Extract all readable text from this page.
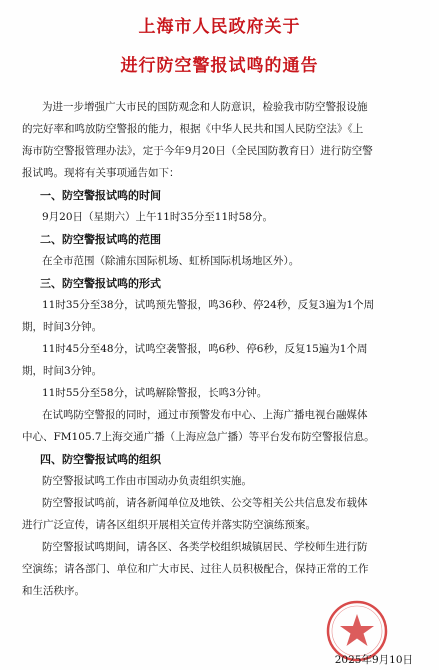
上海市人民政府关于
进行防空警报试鸣的通告
为进一步增强广大市民的国防观念和人防意识，检验我市防空警报设施
的完好率和鸣放防空警报的能力，根据《中华人民共和国人民防空法》《上
海市防空警报管理办法》，定于今年9月20日（全民国防教育日）进行防空警
报试鸣。现将有关事项通告如下：
一、防空警报试鸣的时间
9月20日（星期六）上午11时35分至11时58分。
二、防空警报试鸣的范围
在全市范围（除浦东国际机场、虹桥国际机场地区外）。
三、防空警报试鸣的形式
11时35分至38分，试鸣预先警报，鸣36秒、停24秒，反复3遍为1个周
期，时间3分钟。
11时45分至48分，试鸣空袭警报，鸣6秒、停6秒，反复15遍为1个周
期，时间3分钟。
11时55分至58分，试鸣解除警报，长鸣3分钟。
在试鸣防空警报的同时，通过市预警发布中心、上海广播电视台融媒体
中心、FM105.7上海交通广播（上海应急广播）等平台发布防空警报信息。
四、防空警报试鸣的组织
防空警报试鸣工作由市国动办负责组织实施。
防空警报试鸣前，请各新闻单位及地铁、公交等相关公共信息发布载体
进行广泛宣传，请各区组织开展相关宣传并落实防空演练预案。
防空警报试鸣期间，请各区、各类学校组织城镇居民、学校师生进行防
空演练；请各部门、单位和广大市民、过往人员积极配合，保持正常的工作
和生活秩序。
2025年9月10日
